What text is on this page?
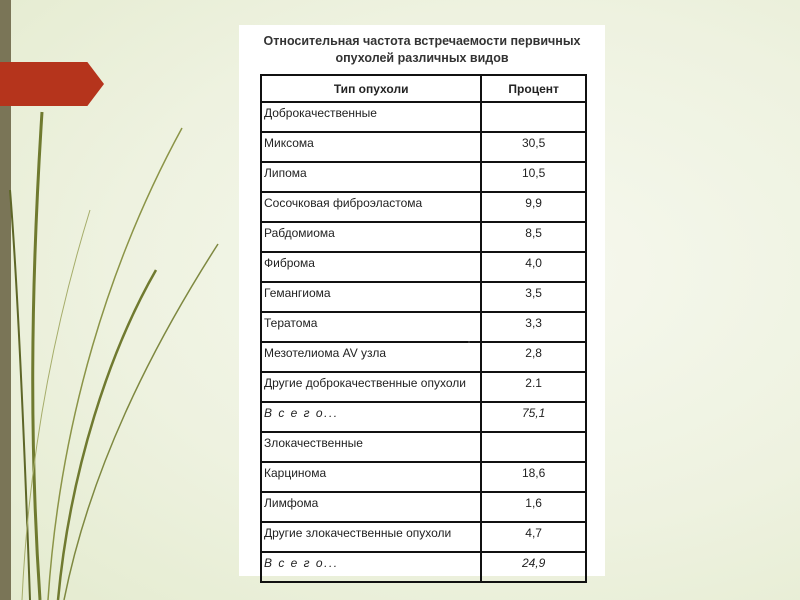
Относительная частота встречаемости первичных опухолей различных видов
Тип опухоли	Процент
Доброкачественные	
Миксома	30,5
Липома	10,5
Сосочковая фиброэластома	9,9
Рабдомиома	8,5
Фиброма	4,0
Гемангиома	3,5
Тератома	3,3
Мезотелиома AV узла	2,8
Другие доброкачественные опухоли	2.1
В с е г о...	75,1
Злокачественные	
Карцинома	18,6
Лимфома	1,6
Другие злокачественные опухоли	4,7
В с е г о...	24,9
